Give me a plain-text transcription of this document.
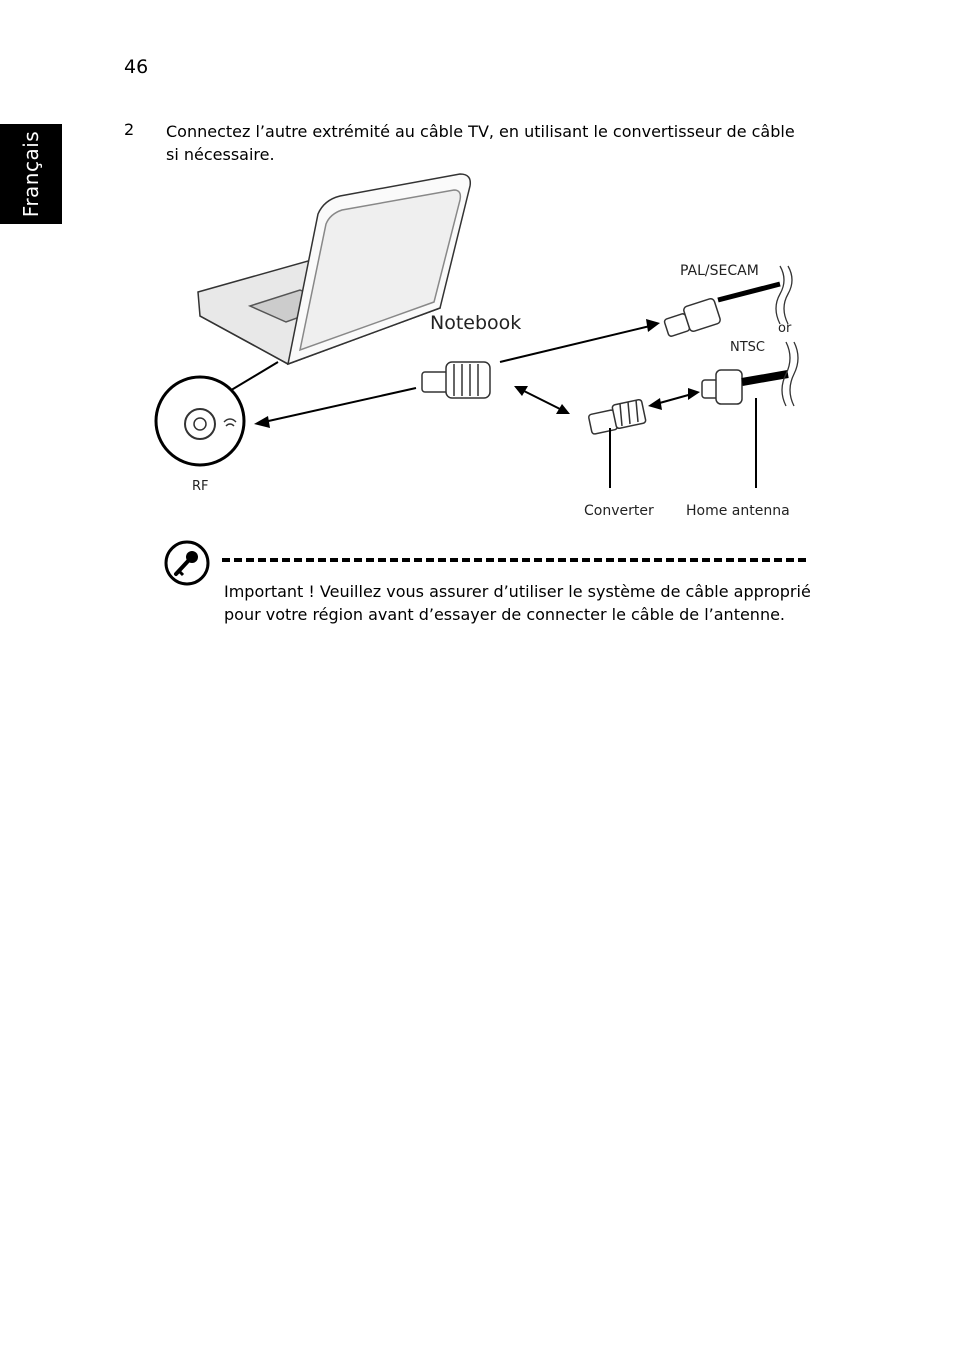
46
Français
2 Connectez l’autre extrémité au câble TV, en utilisant le convertisseur de câble si nécessaire.

RF
Notebook
PAL/SECAM
or
NTSC
Converter Home antenna

Important ! Veuillez vous assurer d’utiliser le système de câble approprié pour votre région avant d’essayer de connecter le câble de l’antenne.
